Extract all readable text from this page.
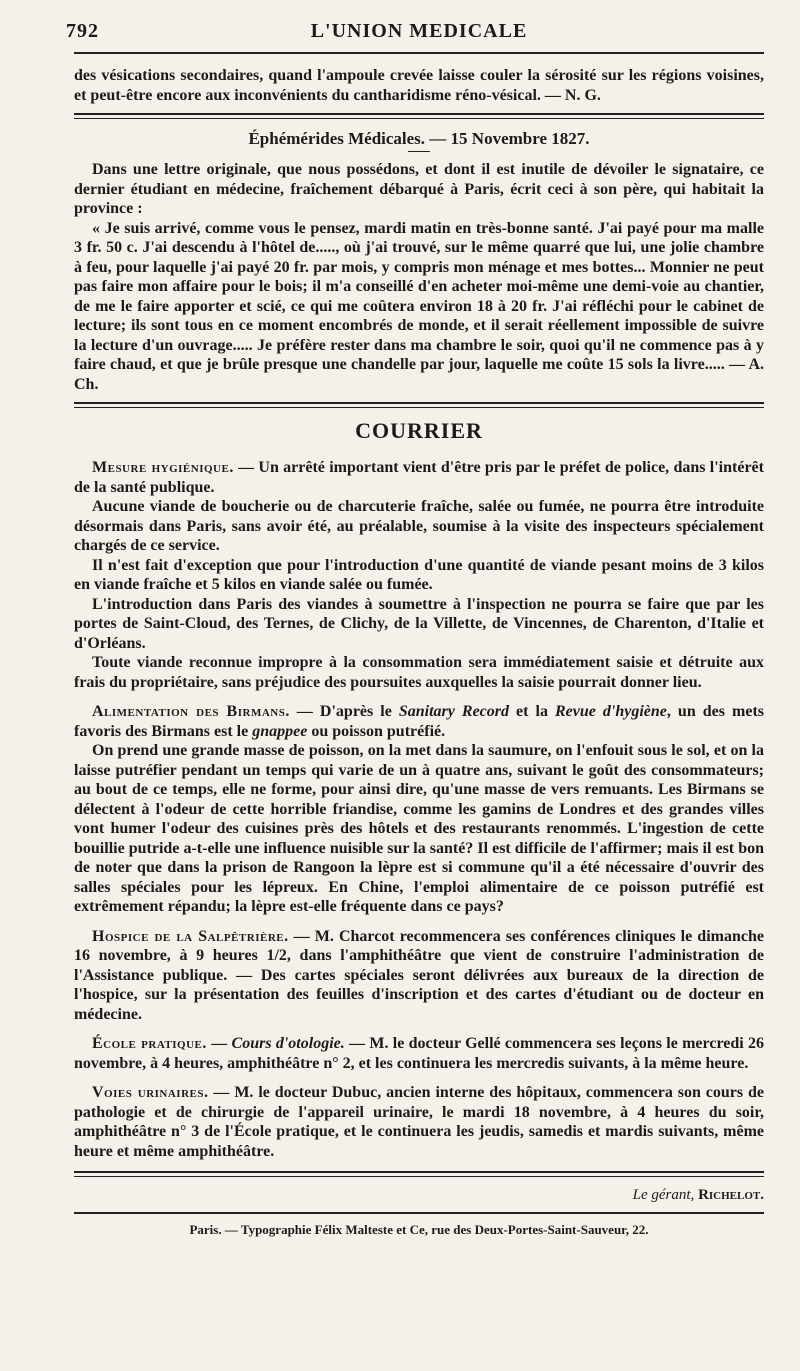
792	L'UNION MEDICALE

des vésications secondaires, quand l'ampoule crevée laisse couler la sérosité sur les régions voisines, et peut-être encore aux inconvénients du cantharidisme réno-vésical. — N. G.

Éphémérides Médicales. — 15 Novembre 1827.

Dans une lettre originale, que nous possédons, et dont il est inutile de dévoiler le signataire, ce dernier étudiant en médecine, fraîchement débarqué à Paris, écrit ceci à son père, qui habitait la province :

« Je suis arrivé, comme vous le pensez, mardi matin en très-bonne santé. J'ai payé pour ma malle 3 fr. 50 c. J'ai descendu à l'hôtel de....., où j'ai trouvé, sur le même quarré que lui, une jolie chambre à feu, pour laquelle j'ai payé 20 fr. par mois, y compris mon ménage et mes bottes... Monnier ne peut pas faire mon affaire pour le bois; il m'a conseillé d'en acheter moi-même une demi-voie au chantier, de me le faire apporter et scié, ce qui me coûtera environ 18 à 20 fr. J'ai réfléchi pour le cabinet de lecture; ils sont tous en ce moment encombrés de monde, et il serait réellement impossible de suivre la lecture d'un ouvrage..... Je préfère rester dans ma chambre le soir, quoi qu'il ne commence pas à y faire chaud, et que je brûle presque une chandelle par jour, laquelle me coûte 15 sols la livre..... — A. Ch.

COURRIER

Mesure hygiénique. — Un arrêté important vient d'être pris par le préfet de police, dans l'intérêt de la santé publique.

Aucune viande de boucherie ou de charcuterie fraîche, salée ou fumée, ne pourra être introduite désormais dans Paris, sans avoir été, au préalable, soumise à la visite des inspecteurs spécialement chargés de ce service.

Il n'est fait d'exception que pour l'introduction d'une quantité de viande pesant moins de 3 kilos en viande fraîche et 5 kilos en viande salée ou fumée.

L'introduction dans Paris des viandes à soumettre à l'inspection ne pourra se faire que par les portes de Saint-Cloud, des Ternes, de Clichy, de la Villette, de Vincennes, de Charenton, d'Italie et d'Orléans.

Toute viande reconnue impropre à la consommation sera immédiatement saisie et détruite aux frais du propriétaire, sans préjudice des poursuites auxquelles la saisie pourrait donner lieu.

Alimentation des Birmans. — D'après le Sanitary Record et la Revue d'hygiène, un des mets favoris des Birmans est le gnappee ou poisson putréfié.

On prend une grande masse de poisson, on la met dans la saumure, on l'enfouit sous le sol, et on la laisse putréfier pendant un temps qui varie de un à quatre ans, suivant le goût des consommateurs; au bout de ce temps, elle ne forme, pour ainsi dire, qu'une masse de vers remuants. Les Birmans se délectent à l'odeur de cette horrible friandise, comme les gamins de Londres et des grandes villes vont humer l'odeur des cuisines près des hôtels et des restaurants renommés. L'ingestion de cette bouillie putride a-t-elle une influence nuisible sur la santé? Il est difficile de l'affirmer; mais il est bon de noter que dans la prison de Rangoon la lèpre est si commune qu'il a été nécessaire d'ouvrir des salles spéciales pour les lépreux. En Chine, l'emploi alimentaire de ce poisson putréfié est extrêmement répandu; la lèpre est-elle fréquente dans ce pays?

Hospice de la Salpêtrière. — M. Charcot recommencera ses conférences cliniques le dimanche 16 novembre, à 9 heures 1/2, dans l'amphithéâtre que vient de construire l'administration de l'Assistance publique. — Des cartes spéciales seront délivrées aux bureaux de la direction de l'hospice, sur la présentation des feuilles d'inscription et des cartes d'étudiant ou de docteur en médecine.

École pratique. — Cours d'otologie. — M. le docteur Gellé commencera ses leçons le mercredi 26 novembre, à 4 heures, amphithéâtre n° 2, et les continuera les mercredis suivants, à la même heure.

Voies urinaires. — M. le docteur Dubuc, ancien interne des hôpitaux, commencera son cours de pathologie et de chirurgie de l'appareil urinaire, le mardi 18 novembre, à 4 heures du soir, amphithéâtre n° 3 de l'École pratique, et le continuera les jeudis, samedis et mardis suivants, même heure et même amphithéâtre.

Le gérant, Richelot.
Paris. — Typographie Félix Malteste et Ce, rue des Deux-Portes-Saint-Sauveur, 22.
